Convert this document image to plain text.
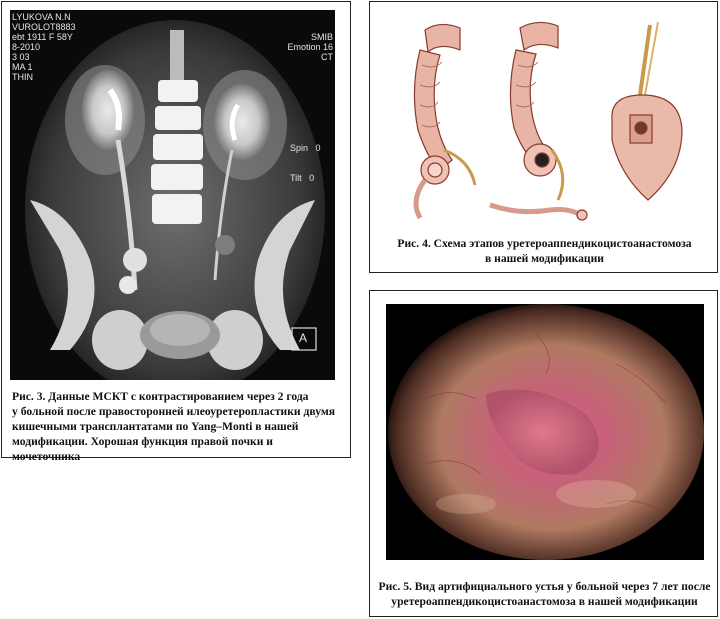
LYUKOVA N.N
VUROLOT8883
ebt 1911 F 58Y
8-2010
3 03
MA 1
THIN
SMIB
Emotion 16
CT

Spin   0

Tilt   0

A
Рис. 3. Данные МСКТ с контрастированием через 2 года
у больной после правосторонней илеоуретеропластики двумя
кишечными трансплантатами по Yang–Monti в нашей
модификации. Хорошая функция правой почки и мочеточника
Рис. 4. Схема этапов уретероаппендикоцистоанастомоза
в нашей модификации
Рис. 5. Вид артифициального устья у больной через 7 лет после
уретероаппендикоцистоанастомоза в нашей модификации
